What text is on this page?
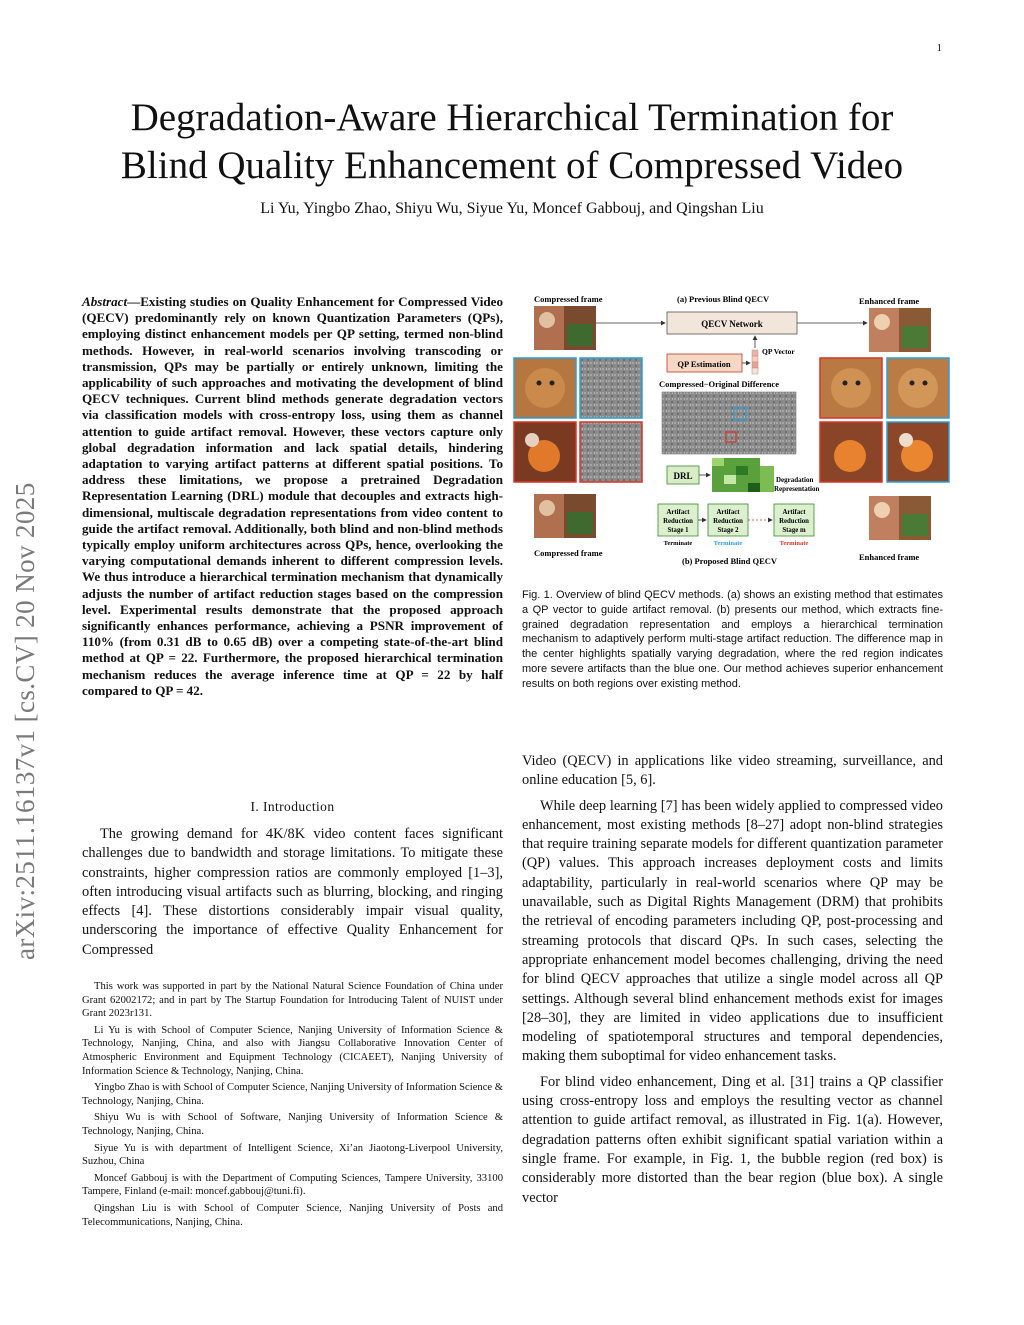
1
arXiv:2511.16137v1 [cs.CV] 20 Nov 2025
Degradation-Aware Hierarchical Termination for
Blind Quality Enhancement of Compressed Video
Li Yu, Yingbo Zhao, Shiyu Wu, Siyue Yu, Moncef Gabbouj, and Qingshan Liu
Abstract—Existing studies on Quality Enhancement for Compressed Video (QECV) predominantly rely on known Quantization Parameters (QPs), employing distinct enhancement models per QP setting, termed non-blind methods. However, in real-world scenarios involving transcoding or transmission, QPs may be partially or entirely unknown, limiting the applicability of such approaches and motivating the development of blind QECV techniques. Current blind methods generate degradation vectors via classification models with cross-entropy loss, using them as channel attention to guide artifact removal. However, these vectors capture only global degradation information and lack spatial details, hindering adaptation to varying artifact patterns at different spatial positions. To address these limitations, we propose a pretrained Degradation Representation Learning (DRL) module that decouples and extracts high-dimensional, multiscale degradation representations from video content to guide the artifact removal. Additionally, both blind and non-blind methods typically employ uniform architectures across QPs, hence, overlooking the varying computational demands inherent to different compression levels. We thus introduce a hierarchical termination mechanism that dynamically adjusts the number of artifact reduction stages based on the compression level. Experimental results demonstrate that the proposed approach significantly enhances performance, achieving a PSNR improvement of 110% (from 0.31 dB to 0.65 dB) over a competing state-of-the-art blind method at QP = 22. Furthermore, the proposed hierarchical termination mechanism reduces the average inference time at QP = 22 by half compared to QP = 42.
I. Introduction
The growing demand for 4K/8K video content faces significant challenges due to bandwidth and storage limitations. To mitigate these constraints, higher compression ratios are commonly employed [1–3], often introducing visual artifacts such as blurring, blocking, and ringing effects [4]. These distortions considerably impair visual quality, underscoring the importance of effective Quality Enhancement for Compressed

This work was supported in part by the National Natural Science Foundation of China under Grant 62002172; and in part by The Startup Foundation for Introducing Talent of NUIST under Grant 2023r131.

Li Yu is with School of Computer Science, Nanjing University of Information Science & Technology, Nanjing, China, and also with Jiangsu Collaborative Innovation Center of Atmospheric Environment and Equipment Technology (CICAEET), Nanjing University of Information Science & Technology, Nanjing, China.

Yingbo Zhao is with School of Computer Science, Nanjing University of Information Science & Technology, Nanjing, China.

Shiyu Wu is with School of Software, Nanjing University of Information Science & Technology, Nanjing, China.

Siyue Yu is with department of Intelligent Science, Xi’an Jiaotong-Liverpool University, Suzhou, China

Moncef Gabbouj is with the Department of Computing Sciences, Tampere University, 33100 Tampere, Finland (e-mail: moncef.gabbouj@tuni.fi).

Qingshan Liu is with School of Computer Science, Nanjing University of Posts and Telecommunications, Nanjing, China.

Compressed frame	(a) Previous Blind QECV	Enhanced frame
QECV Network
QP Estimation
QP Vector
Compressed−Original Difference
DRL	Degradation
Representation
Artifact
Reduction
Stage 1
Artifact
Reduction
Stage 2
Artifact
Reduction
Stage m
Terminate	Terminate	Terminate
Compressed frame
(b) Proposed Blind QECV	Enhanced frame
Fig. 1. Overview of blind QECV methods. (a) shows an existing method that estimates a QP vector to guide artifact removal. (b) presents our method, which extracts fine-grained degradation representation and employs a hierarchical termination mechanism to adaptively perform multi-stage artifact reduction. The difference map in the center highlights spatially varying degradation, where the red region indicates more severe artifacts than the blue one. Our method achieves superior enhancement results on both regions over existing method.

Video (QECV) in applications like video streaming, surveillance, and online education [5, 6].

While deep learning [7] has been widely applied to compressed video enhancement, most existing methods [8–27] adopt non-blind strategies that require training separate models for different quantization parameter (QP) values. This approach increases deployment costs and limits adaptability, particularly in real-world scenarios where QP may be unavailable, such as Digital Rights Management (DRM) that prohibits the retrieval of encoding parameters including QP, post-processing and streaming protocols that discard QPs. In such cases, selecting the appropriate enhancement model becomes challenging, driving the need for blind QECV approaches that utilize a single model across all QP settings. Although several blind enhancement methods exist for images [28–30], they are limited in video applications due to insufficient modeling of spatiotemporal structures and temporal dependencies, making them suboptimal for video enhancement tasks.

For blind video enhancement, Ding et al. [31] trains a QP classifier using cross-entropy loss and employs the resulting vector as channel attention to guide artifact removal, as illustrated in Fig. 1(a). However, degradation patterns often exhibit significant spatial variation within a single frame. For example, in Fig. 1, the bubble region (red box) is considerably more distorted than the bear region (blue box). A single vector
